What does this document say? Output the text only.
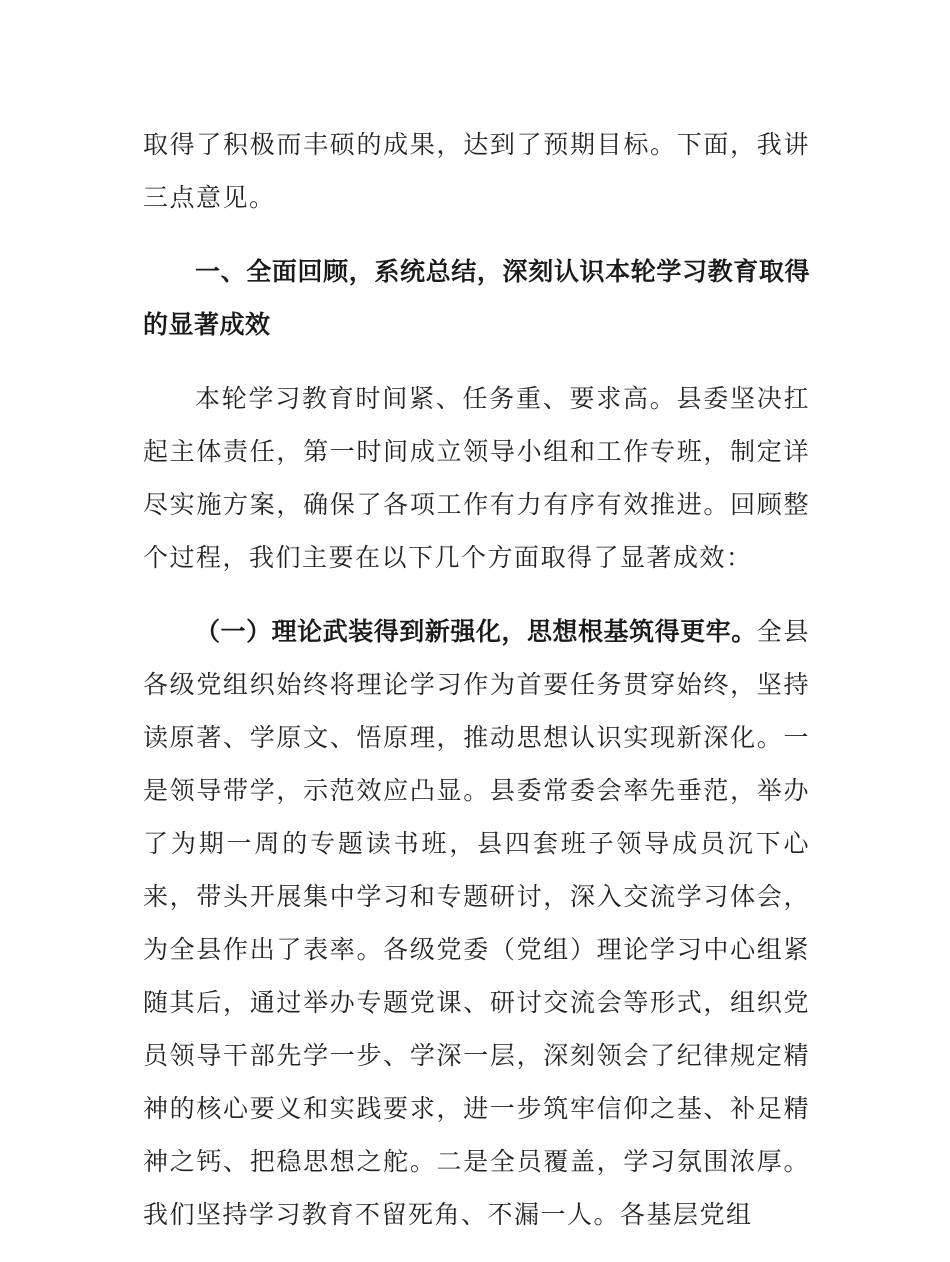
取得了积极而丰硕的成果，达到了预期目标。下面，我讲三点意见。

一、全面回顾，系统总结，深刻认识本轮学习教育取得的显著成效

本轮学习教育时间紧、任务重、要求高。县委坚决扛起主体责任，第一时间成立领导小组和工作专班，制定详尽实施方案，确保了各项工作有力有序有效推进。回顾整个过程，我们主要在以下几个方面取得了显著成效：

（一）理论武装得到新强化，思想根基筑得更牢。全县各级党组织始终将理论学习作为首要任务贯穿始终，坚持读原著、学原文、悟原理，推动思想认识实现新深化。一是领导带学，示范效应凸显。县委常委会率先垂范，举办了为期一周的专题读书班，县四套班子领导成员沉下心来，带头开展集中学习和专题研讨，深入交流学习体会，为全县作出了表率。各级党委（党组）理论学习中心组紧随其后，通过举办专题党课、研讨交流会等形式，组织党员领导干部先学一步、学深一层，深刻领会了纪律规定精神的核心要义和实践要求，进一步筑牢信仰之基、补足精神之钙、把稳思想之舵。二是全员覆盖，学习氛围浓厚。我们坚持学习教育不留死角、不漏一人。各基层党组
